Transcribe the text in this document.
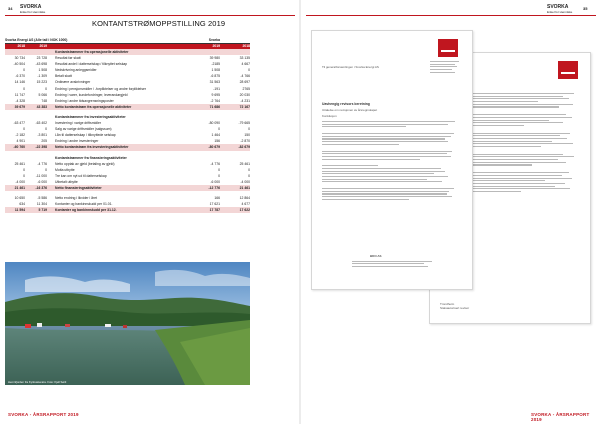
34 SVORKA
Enkel for Hemnkke
KONTANTSTRØMOPPSTILLING 2019
Svorka Energi AS (Alle tall i NOK 1000)	Svorka
2018	2019	2019	2018
Kontantstrømmer fra operasjonelle aktiviteter
30 734	23 728	Resultat før skatt	39 980	33 135
-40 504	-43 698	Resultat andel i datterselskap / tilknyttet selskap	-2185	4 667
0	1 508	Nedskrivning anleggsmidler	1 508	0
-6 370	-1 309	Betalt skatt	-6 875	-4 766
14 146	15 223	Ordinære avskrivninger	31 563	28 697
0	0	Endring i pensjonsmidler / -forpliktelser og andre forpliktelser	-191	2765
11 747	5 066	Endring i varer, kundefordringer, leverandørgjeld	9 695	20 030
-4 328	748	Endring i andre tidsavgrensningsposter	-2 764	-4 231
39 679	43 383	Netto kontantstrøm fra operasjonelle aktiviteter	71 686	72 167
Kontantstrømmer fra investeringsaktiviteter
-63 477	-63 402	Investering i varige driftsmidler	-80 090	-79 665
0	0	Salg av varige driftsmidler (salgssum)	0	0
-2 182	-3 801	Lån til datterselskap / tilknyttede selskap	1 464	150
4 901	205	Endring i andre investeringer	156	-2 870
-60 760	-22 398	Netto kontantstrøm fra investeringsaktiviteter	-80 679	-82 679
Kontantstrømmer fra finansieringsaktiviteter
25 461	-4 776	Netto opptak av gjeld (betaling av gjeld)	-4 776	25 461
0	0	Motta utbytte	0	0
0	-11 000	Tre kan om nyt ud til datterselskap	0	0
-4 000	-6 000	Utbetalt utbytte	-6 000	-4 000
21 461	-16 376	Netto finansieringsaktiviteter	-12 776	21 461
10 650	-5 586	Netto endring i likvider i året	166	12 864
634	11 304	Kontanter og bankinnskudd per 01.01.	17 621	4 677
11 594	5 719	Kontanter og bankinnskudd per 31.12.	17 787	17 622
Hemnfjorden fra Kyrksæterøra. Foto: Kjell Sørli
SVORKA - ÅRSRAPPORT 2019
SVORKA
Enkel for Hemnkke
35
Trondheim
Statsautorisert revisor
Til generalforsamlingen i Svorka Energi AS
Uavhengig revisors beretning
Uttalelse om revisjonen av årsregnskapet
Konklusjon
BDO AS
SVORKA - ÅRSRAPPORT 2019
